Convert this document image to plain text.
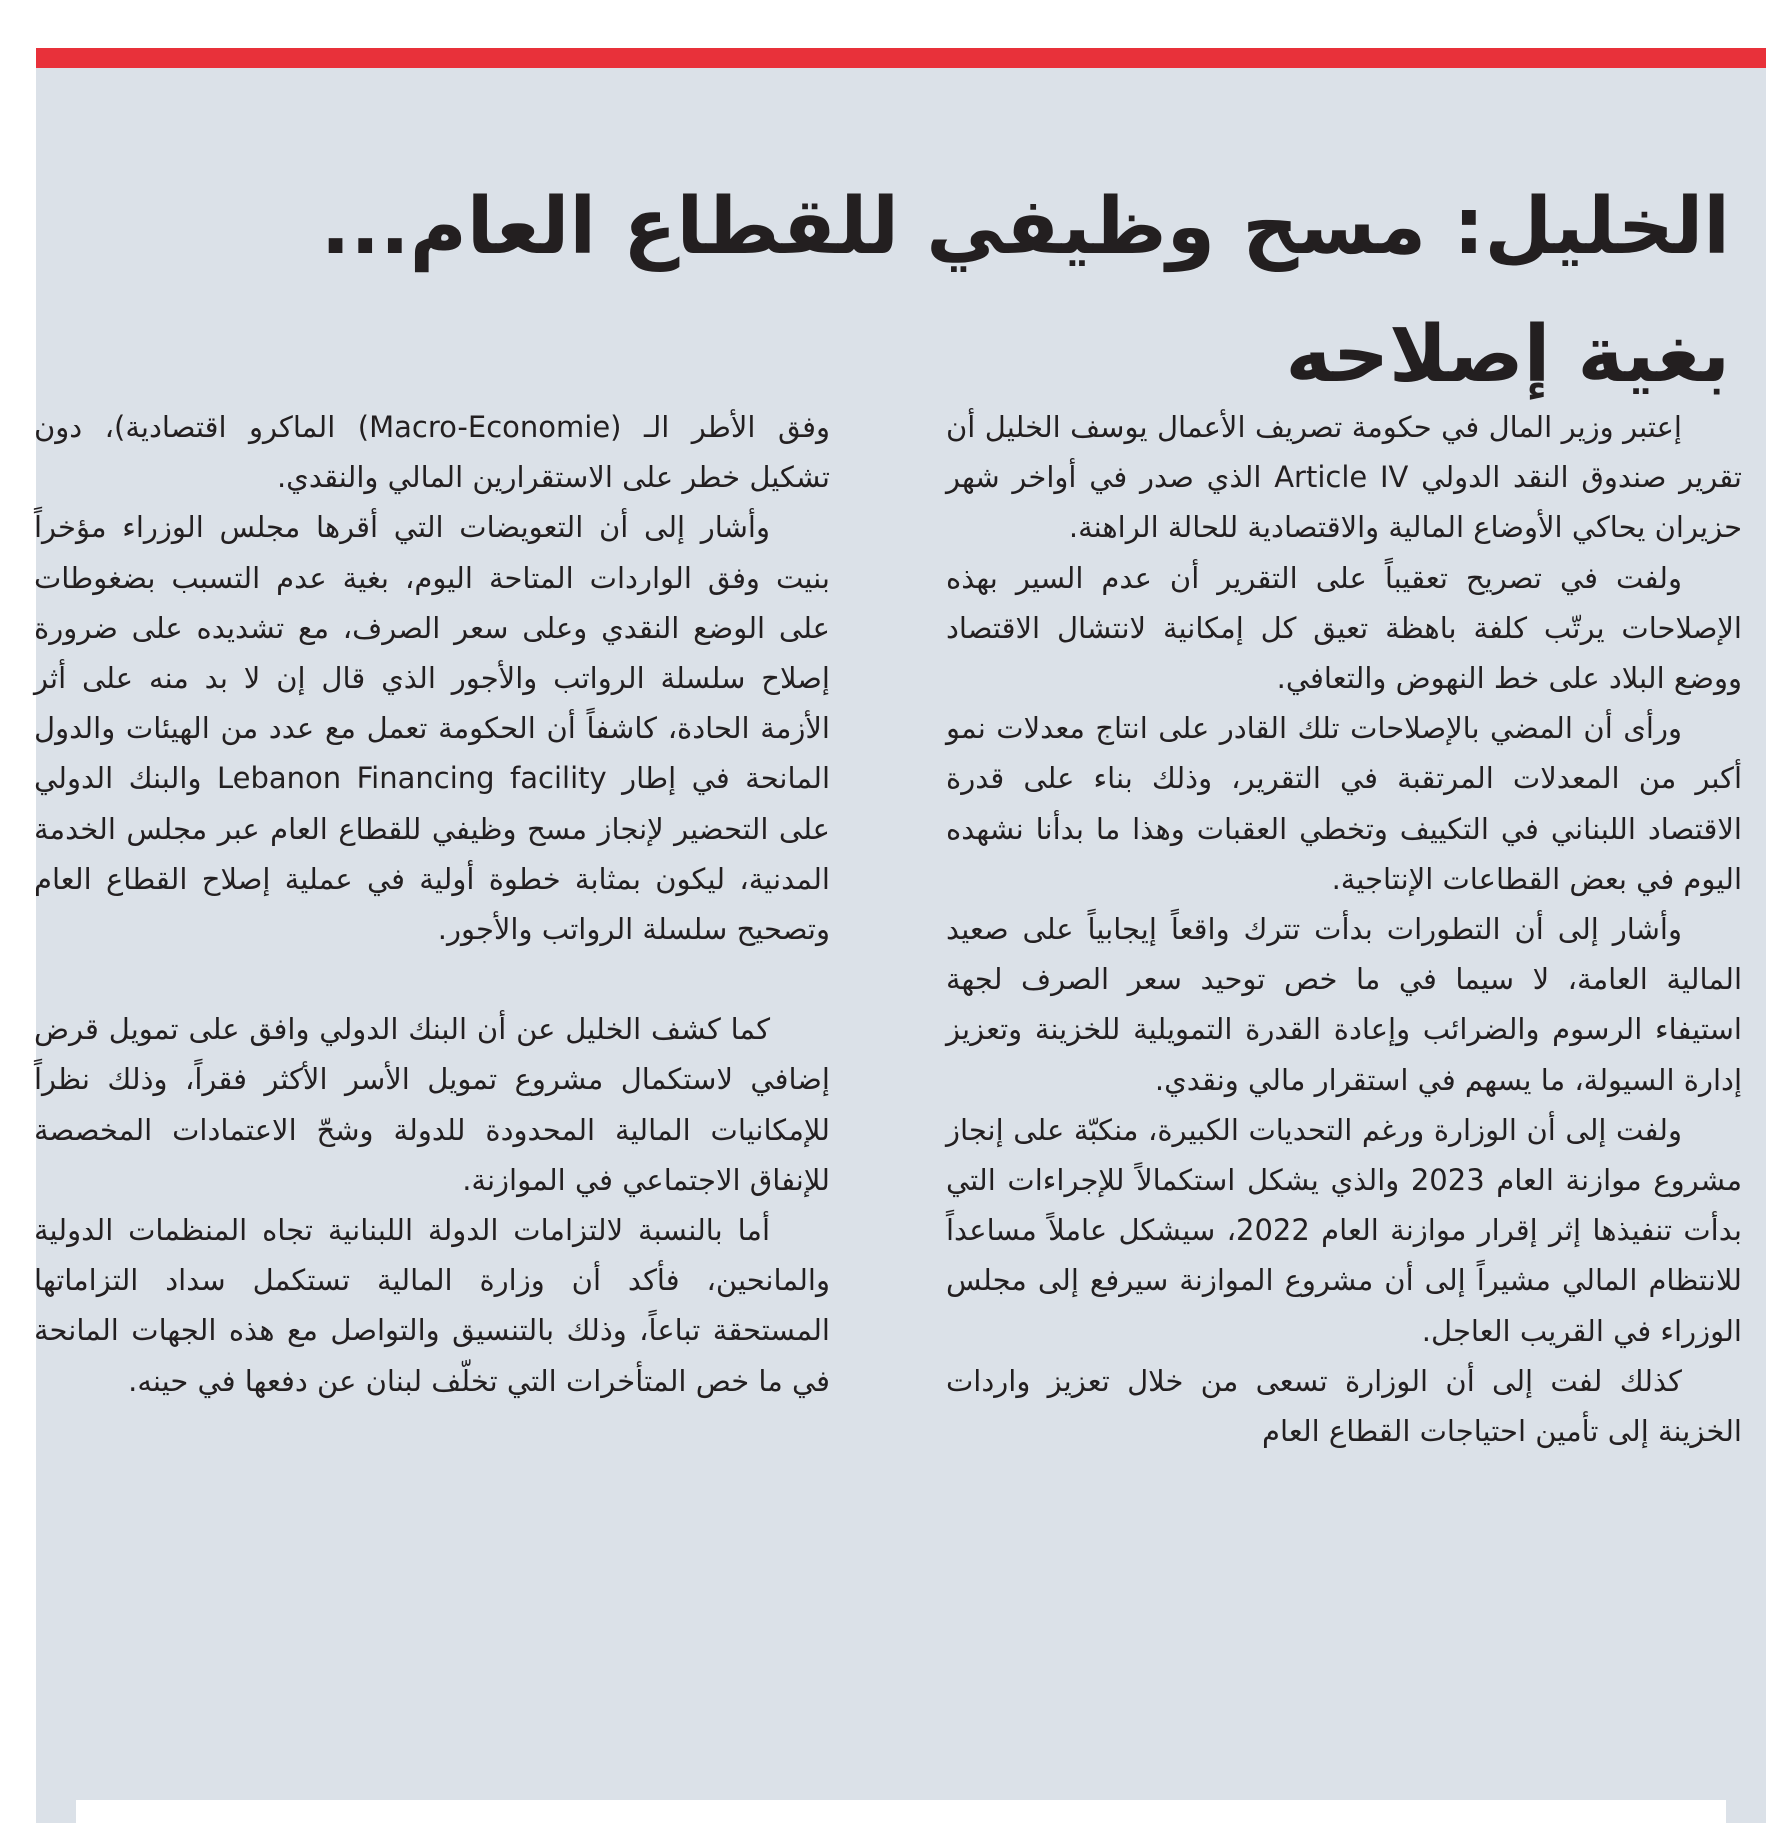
الخليل: مسح وظيفي للقطاع العام...
بغية إصلاحه

إعتبر وزير المال في حكومة تصريف الأعمال يوسف الخليل أن تقرير صندوق النقد الدولي Article IV الذي صدر في أواخر شهر حزيران يحاكي الأوضاع المالية والاقتصادية للحالة الراهنة.

ولفت في تصريح تعقيباً على التقرير أن عدم السير بهذه الإصلاحات يرتّب كلفة باهظة تعيق كل إمكانية لانتشال الاقتصاد ووضع البلاد على خط النهوض والتعافي.

ورأى أن المضي بالإصلاحات تلك القادر على انتاج معدلات نمو أكبر من المعدلات المرتقبة في التقرير، وذلك بناء على قدرة الاقتصاد اللبناني في التكييف وتخطي العقبات وهذا ما بدأنا نشهده اليوم في بعض القطاعات الإنتاجية.

وأشار إلى أن التطورات بدأت تترك واقعاً إيجابياً على صعيد المالية العامة، لا سيما في ما خص توحيد سعر الصرف لجهة استيفاء الرسوم والضرائب وإعادة القدرة التمويلية للخزينة وتعزيز إدارة السيولة، ما يسهم في استقرار مالي ونقدي.

ولفت إلى أن الوزارة ورغم التحديات الكبيرة، منكبّة على إنجاز مشروع موازنة العام 2023 والذي يشكل استكمالاً للإجراءات التي بدأت تنفيذها إثر إقرار موازنة العام 2022، سيشكل عاملاً مساعداً للانتظام المالي مشيراً إلى أن مشروع الموازنة سيرفع إلى مجلس الوزراء في القريب العاجل.

كذلك لفت إلى أن الوزارة تسعى من خلال تعزيز واردات الخزينة إلى تأمين احتياجات القطاع العام

وفق الأطر الـ (Macro-Economie) الماكرو اقتصادية)، دون تشكيل خطر على الاستقرارين المالي والنقدي.

وأشار إلى أن التعويضات التي أقرها مجلس الوزراء مؤخراً بنيت وفق الواردات المتاحة اليوم، بغية عدم التسبب بضغوطات على الوضع النقدي وعلى سعر الصرف، مع تشديده على ضرورة إصلاح سلسلة الرواتب والأجور الذي قال إن لا بد منه على أثر الأزمة الحادة، كاشفاً أن الحكومة تعمل مع عدد من الهيئات والدول المانحة في إطار Lebanon Financing facility والبنك الدولي على التحضير لإنجاز مسح وظيفي للقطاع العام عبر مجلس الخدمة المدنية، ليكون بمثابة خطوة أولية في عملية إصلاح القطاع العام وتصحيح سلسلة الرواتب والأجور.

كما كشف الخليل عن أن البنك الدولي وافق على تمويل قرض إضافي لاستكمال مشروع تمويل الأسر الأكثر فقراً، وذلك نظراً للإمكانيات المالية المحدودة للدولة وشحّ الاعتمادات المخصصة للإنفاق الاجتماعي في الموازنة.

أما بالنسبة لالتزامات الدولة اللبنانية تجاه المنظمات الدولية والمانحين، فأكد أن وزارة المالية تستكمل سداد التزاماتها المستحقة تباعاً، وذلك بالتنسيق والتواصل مع هذه الجهات المانحة في ما خص المتأخرات التي تخلّف لبنان عن دفعها في حينه.
